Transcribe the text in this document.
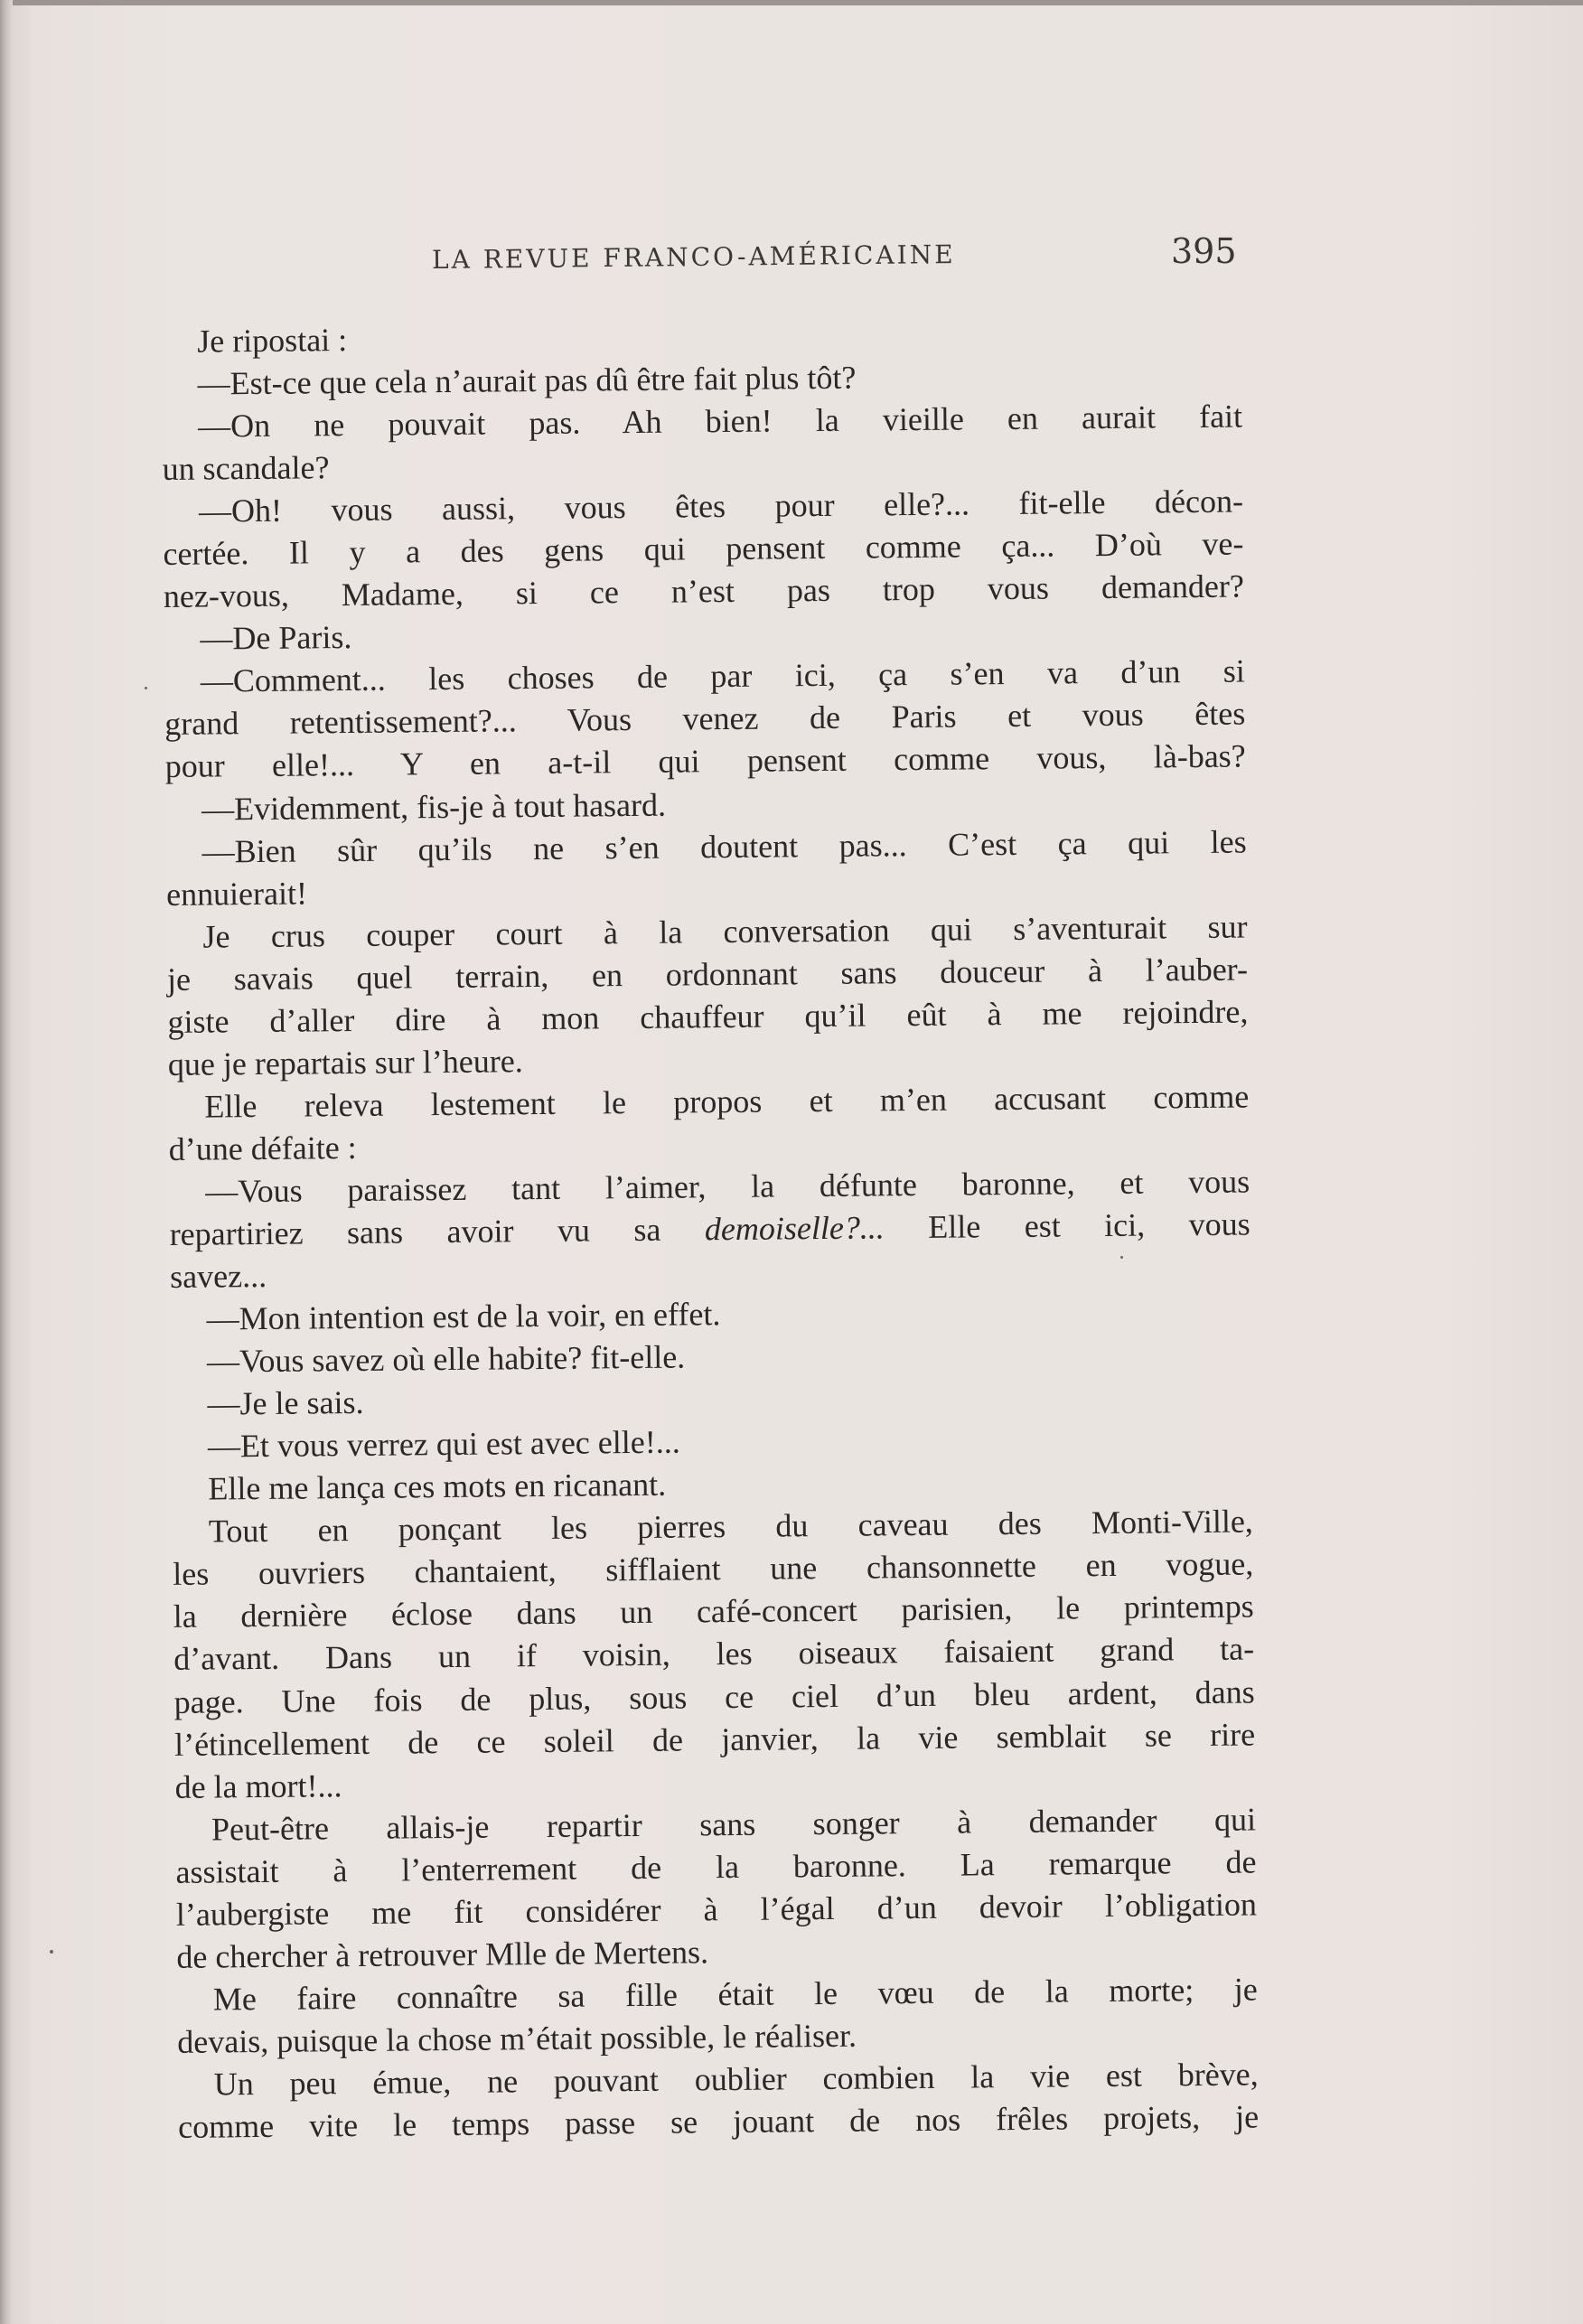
LA REVUE FRANCO-AMÉRICAINE	395
Je ripostai :
—Est-ce que cela n’aurait pas dû être fait plus tôt?
—On ne pouvait pas. Ah bien! la vieille en aurait fait
un scandale?
—Oh! vous aussi, vous êtes pour elle?... fit-elle décon-
certée. Il y a des gens qui pensent comme ça... D’où ve-
nez-vous, Madame, si ce n’est pas trop vous demander?
—De Paris.
—Comment... les choses de par ici, ça s’en va d’un si
grand retentissement?... Vous venez de Paris et vous êtes
pour elle!... Y en a-t-il qui pensent comme vous, là-bas?
—Evidemment, fis-je à tout hasard.
—Bien sûr qu’ils ne s’en doutent pas... C’est ça qui les
ennuierait!
Je crus couper court à la conversation qui s’aventurait sur
je savais quel terrain, en ordonnant sans douceur à l’auber-
giste d’aller dire à mon chauffeur qu’il eût à me rejoindre,
que je repartais sur l’heure.
Elle releva lestement le propos et m’en accusant comme
d’une défaite :
—Vous paraissez tant l’aimer, la défunte baronne, et vous
repartiriez sans avoir vu sa demoiselle?... Elle est ici, vous
savez...
—Mon intention est de la voir, en effet.
—Vous savez où elle habite? fit-elle.
—Je le sais.
—Et vous verrez qui est avec elle!...
Elle me lança ces mots en ricanant.
Tout en ponçant les pierres du caveau des Monti-Ville,
les ouvriers chantaient, sifflaient une chansonnette en vogue,
la dernière éclose dans un café-concert parisien, le printemps
d’avant. Dans un if voisin, les oiseaux faisaient grand ta-
page. Une fois de plus, sous ce ciel d’un bleu ardent, dans
l’étincellement de ce soleil de janvier, la vie semblait se rire
de la mort!...
Peut-être allais-je repartir sans songer à demander qui
assistait à l’enterrement de la baronne. La remarque de
l’aubergiste me fit considérer à l’égal d’un devoir l’obligation
de chercher à retrouver Mlle de Mertens.
Me faire connaître sa fille était le vœu de la morte; je
devais, puisque la chose m’était possible, le réaliser.
Un peu émue, ne pouvant oublier combien la vie est brève,
comme vite le temps passe se jouant de nos frêles projets, je
